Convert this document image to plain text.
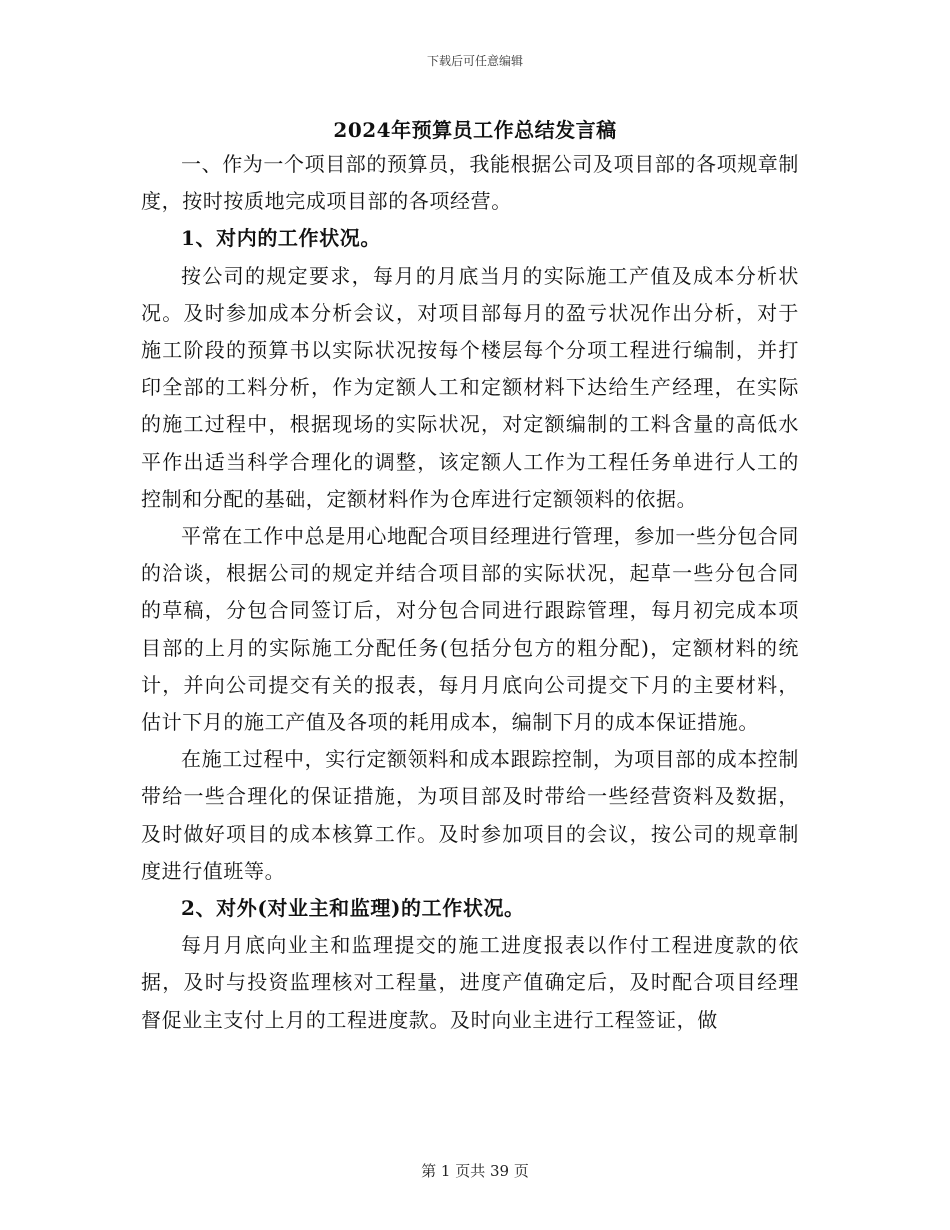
下载后可任意编辑
2024年预算员工作总结发言稿

一、作为一个项目部的预算员，我能根据公司及项目部的各项规章制度，按时按质地完成项目部的各项经营。

1、对内的工作状况。

按公司的规定要求，每月的月底当月的实际施工产值及成本分析状况。及时参加成本分析会议，对项目部每月的盈亏状况作出分析，对于施工阶段的预算书以实际状况按每个楼层每个分项工程进行编制，并打印全部的工料分析，作为定额人工和定额材料下达给生产经理，在实际的施工过程中，根据现场的实际状况，对定额编制的工料含量的高低水平作出适当科学合理化的调整，该定额人工作为工程任务单进行人工的控制和分配的基础，定额材料作为仓库进行定额领料的依据。

平常在工作中总是用心地配合项目经理进行管理，参加一些分包合同的洽谈，根据公司的规定并结合项目部的实际状况，起草一些分包合同的草稿，分包合同签订后，对分包合同进行跟踪管理，每月初完成本项目部的上月的实际施工分配任务(包括分包方的粗分配)，定额材料的统计，并向公司提交有关的报表，每月月底向公司提交下月的主要材料，估计下月的施工产值及各项的耗用成本，编制下月的成本保证措施。

在施工过程中，实行定额领料和成本跟踪控制，为项目部的成本控制带给一些合理化的保证措施，为项目部及时带给一些经营资料及数据，及时做好项目的成本核算工作。及时参加项目的会议，按公司的规章制度进行值班等。

2、对外(对业主和监理)的工作状况。

每月月底向业主和监理提交的施工进度报表以作付工程进度款的依据，及时与投资监理核对工程量，进度产值确定后，及时配合项目经理督促业主支付上月的工程进度款。及时向业主进行工程签证，做

第 1 页共 39 页
